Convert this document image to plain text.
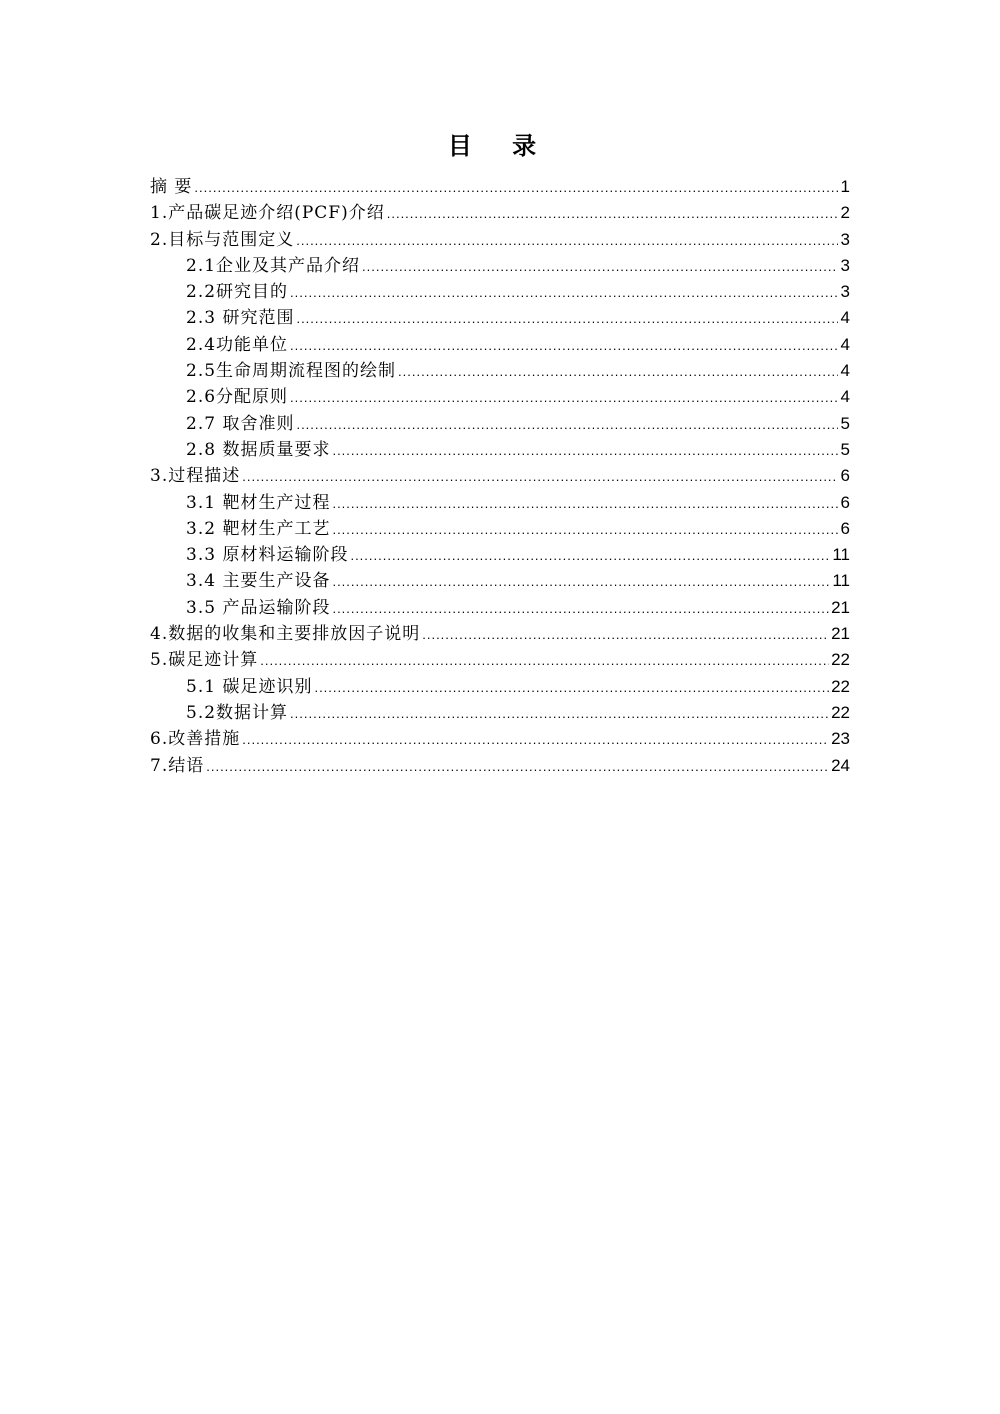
目 录
摘 要 .....	1
1.产品碳足迹介绍(PCF)介绍 .....	2
2.目标与范围定义 .....	3
2.1企业及其产品介绍 .....	3
2.2研究目的 .....	3
2.3 研究范围 .....	4
2.4功能单位 .....	4
2.5生命周期流程图的绘制 .....	4
2.6分配原则 .....	4
2.7 取舍准则 .....	5
2.8 数据质量要求 .....	5
3.过程描述 .....	6
3.1 靶材生产过程 .....	6
3.2 靶材生产工艺 .....	6
3.3 原材料运输阶段 .....	11
3.4 主要生产设备 .....	11
3.5 产品运输阶段 .....	21
4.数据的收集和主要排放因子说明 .....	21
5.碳足迹计算 .....	22
5.1 碳足迹识别 .....	22
5.2数据计算 .....	22
6.改善措施 .....	23
7.结语 .....	24
